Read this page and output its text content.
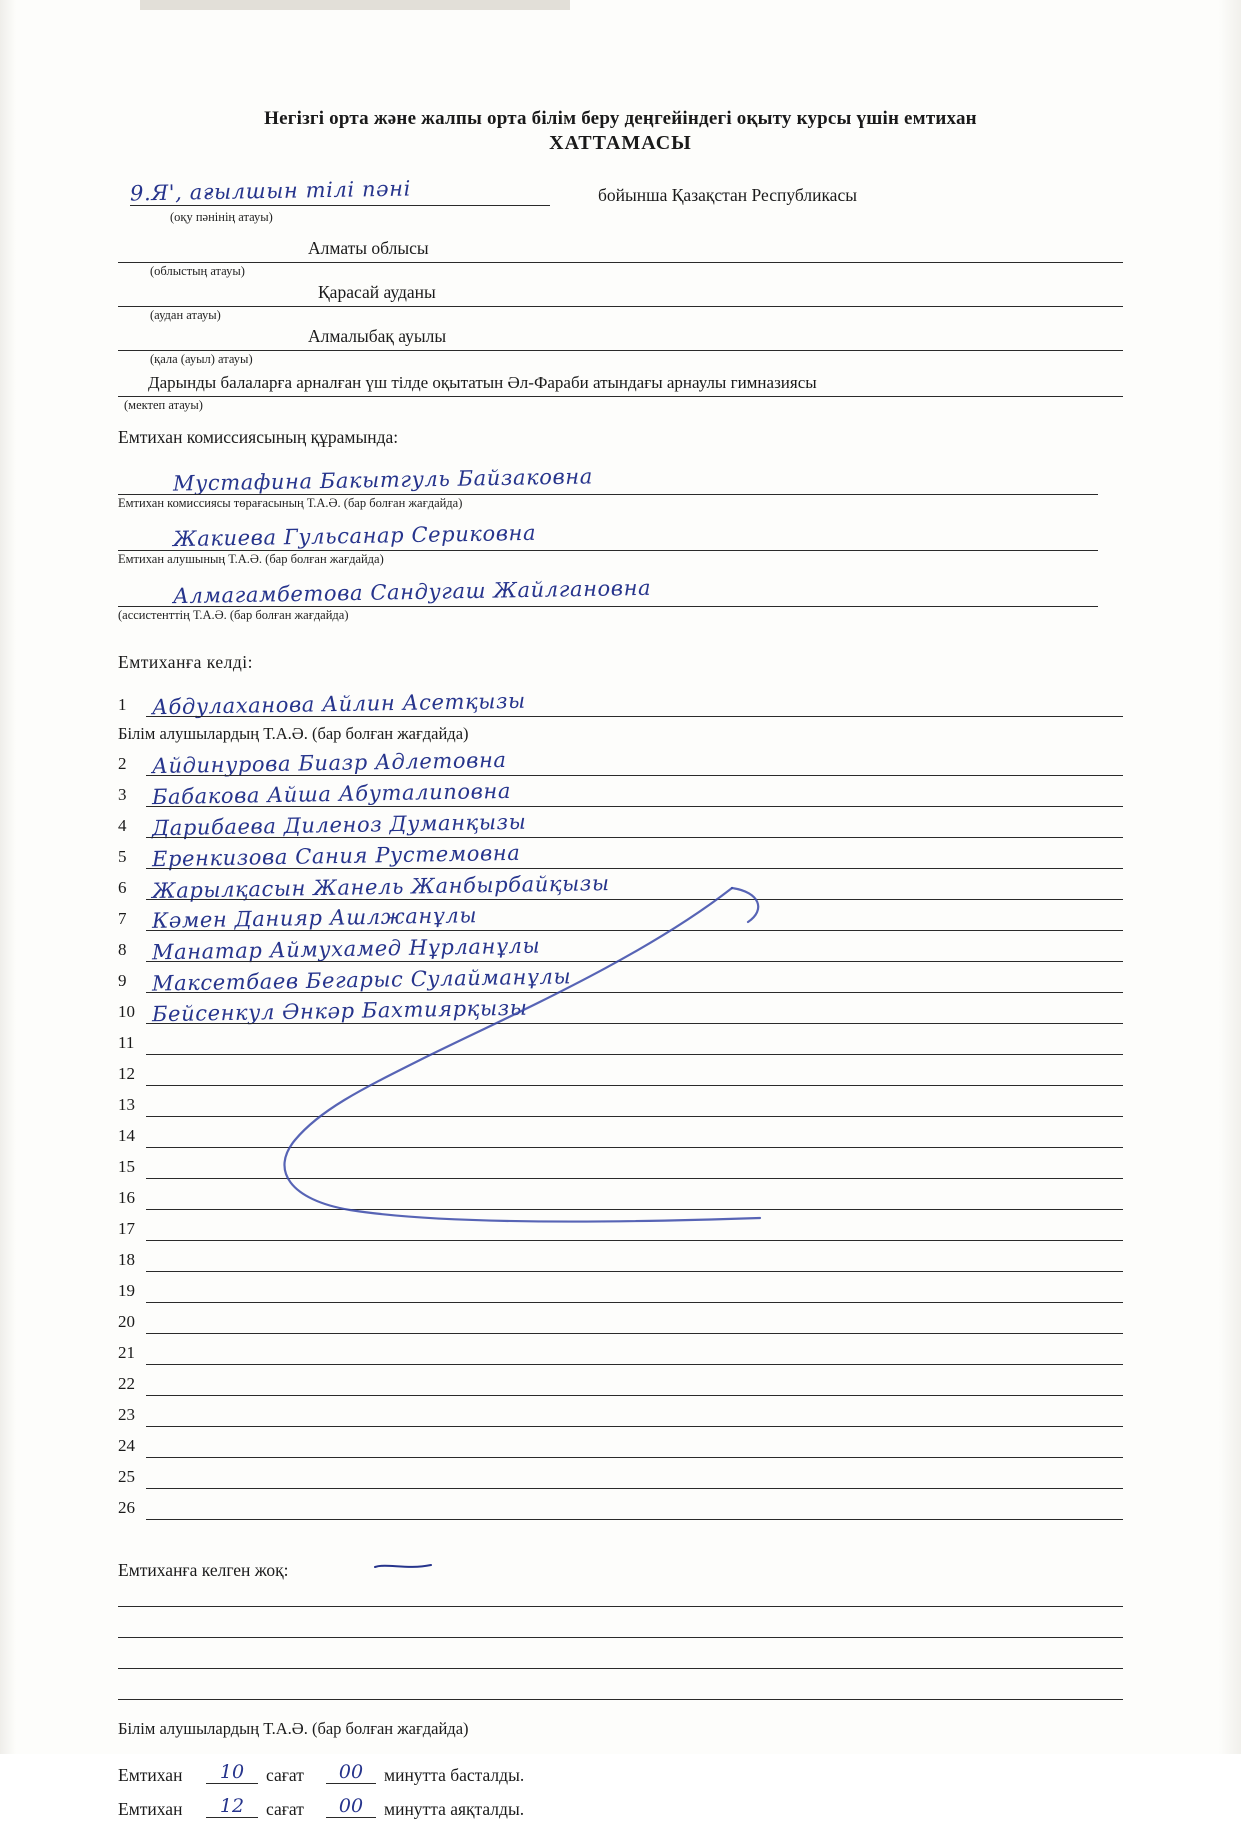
Негізгі орта және жалпы орта білім беру деңгейіндегі оқыту курсы үшін емтихан
ХАТТАМАСЫ
9.Я', ағылшын тілі пәні	бойынша Қазақстан Республикасы
(оқу пәнінің атауы)
Алматы облысы
(облыстың атауы)
Қарасай ауданы
(аудан атауы)
Алмалыбақ ауылы
(қала (ауыл) атауы)
Дарынды балаларға арналған үш тілде оқытатын Әл-Фараби атындағы арнаулы гимназиясы
(мектеп атауы)
Емтихан комиссиясының құрамында:
Мустафина Бакытгуль Байзаковна
Емтихан комиссиясы төрағасының Т.А.Ә. (бар болған жағдайда)
Жакиева Гульсанар Сериковна
Емтихан алушының Т.А.Ә. (бар болған жағдайда)
Алмагамбетова Сандугаш Жайлгановна
(ассистенттің Т.А.Ә. (бар болған жағдайда)
Емтиханға келді:
1	Абдулаханова Айлин Асетқызы
Білім алушылардың Т.А.Ә. (бар болған жағдайда)
2	Айдинурова Биазр Адлетовна
3	Бабакова Айша Абуталиповна
4	Дарибаева Диленоз Думанқызы
5	Еренкизова Сания Рустемовна
6	Жарылқасын Жанель Жанбырбайқызы
7	Кәмен Данияр Ашлжанұлы
8	Манатар Аймухамед Нұрланұлы
9	Максетбаев Бегарыс Сулайманұлы
10 Бейсенкул Әнкәр Бахтиярқызы
11
12
13
14
15
16
17
18
19
20
21
22
23
24
25
26
Емтиханға келген жоқ:
Білім алушылардың Т.А.Ә. (бар болған жағдайда)
Емтихан	10	сағат	00	минутта басталды.
Емтихан	12	сағат	00	минутта аяқталды.
